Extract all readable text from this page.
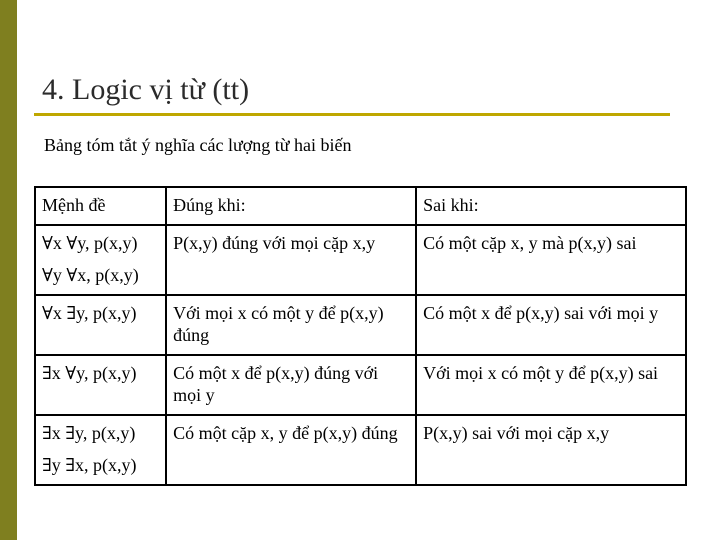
4. Logic vị từ (tt)
Bảng tóm tắt ý nghĩa các lượng từ hai biến
Mệnh đề	Đúng khi:	Sai khi:

∀x ∀y, p(x,y)
∀y ∀x, p(x,y)	P(x,y) đúng với mọi cặp x,y	Có một cặp x, y mà p(x,y) sai
∀x ∃y, p(x,y)	Với mọi x có một y để p(x,y) đúng	Có một x để p(x,y) sai với mọi y
∃x ∀y, p(x,y)	Có một x để p(x,y) đúng với mọi y	Với mọi x có một y để p(x,y) sai

∃x ∃y, p(x,y)
∃y ∃x, p(x,y)	Có một cặp x, y để p(x,y) đúng	P(x,y) sai với mọi cặp x,y
